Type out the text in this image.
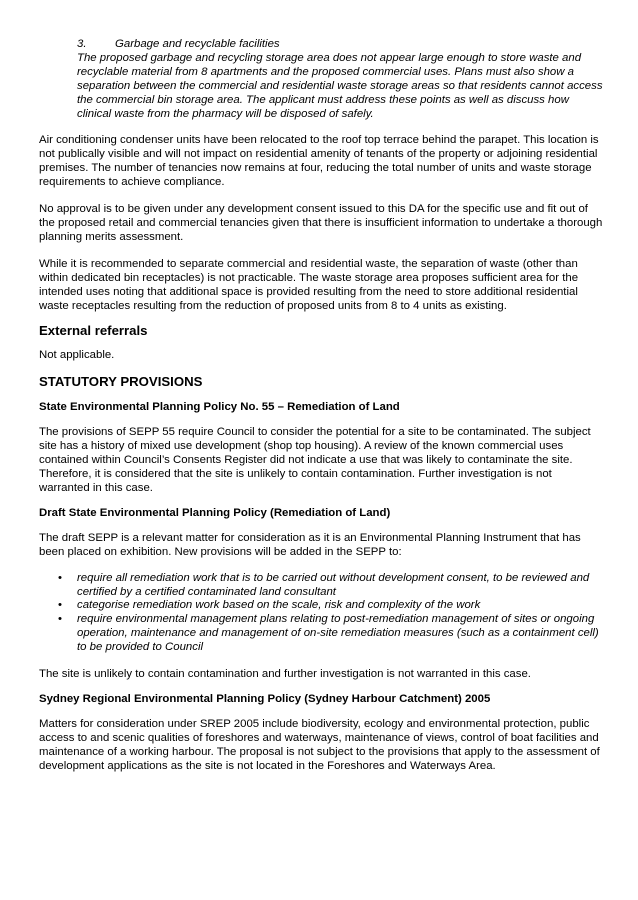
3.	Garbage and recyclable facilities

The proposed garbage and recycling storage area does not appear large enough to store waste and recyclable material from 8 apartments and the proposed commercial uses. Plans must also show a separation between the commercial and residential waste storage areas so that residents cannot access the commercial bin storage area. The applicant must address these points as well as discuss how clinical waste from the pharmacy will be disposed of safely.

Air conditioning condenser units have been relocated to the roof top terrace behind the parapet. This location is not publically visible and will not impact on residential amenity of tenants of the property or adjoining residential premises. The number of tenancies now remains at four, reducing the total number of units and waste storage requirements to achieve compliance.

No approval is to be given under any development consent issued to this DA for the specific use and fit out of the proposed retail and commercial tenancies given that there is insufficient information to undertake a thorough planning merits assessment.

While it is recommended to separate commercial and residential waste, the separation of waste (other than within dedicated bin receptacles) is not practicable. The waste storage area proposes sufficient area for the intended uses noting that additional space is provided resulting from the need to store additional residential waste receptacles resulting from the reduction of proposed units from 8 to 4 units as existing.

External referrals

Not applicable.

STATUTORY PROVISIONS

State Environmental Planning Policy No. 55 – Remediation of Land

The provisions of SEPP 55 require Council to consider the potential for a site to be contaminated. The subject site has a history of mixed use development (shop top housing). A review of the known commercial uses contained within Council’s Consents Register did not indicate a use that was likely to contaminate the site. Therefore, it is considered that the site is unlikely to contain contamination. Further investigation is not warranted in this case.

Draft State Environmental Planning Policy (Remediation of Land)

The draft SEPP is a relevant matter for consideration as it is an Environmental Planning Instrument that has been placed on exhibition. New provisions will be added in the SEPP to:

• require all remediation work that is to be carried out without development consent, to be reviewed and certified by a certified contaminated land consultant
• categorise remediation work based on the scale, risk and complexity of the work
• require environmental management plans relating to post-remediation management of sites or ongoing operation, maintenance and management of on-site remediation measures (such as a containment cell) to be provided to Council

The site is unlikely to contain contamination and further investigation is not warranted in this case.

Sydney Regional Environmental Planning Policy (Sydney Harbour Catchment) 2005

Matters for consideration under SREP 2005 include biodiversity, ecology and environmental protection, public access to and scenic qualities of foreshores and waterways, maintenance of views, control of boat facilities and maintenance of a working harbour. The proposal is not subject to the provisions that apply to the assessment of development applications as the site is not located in the Foreshores and Waterways Area.
